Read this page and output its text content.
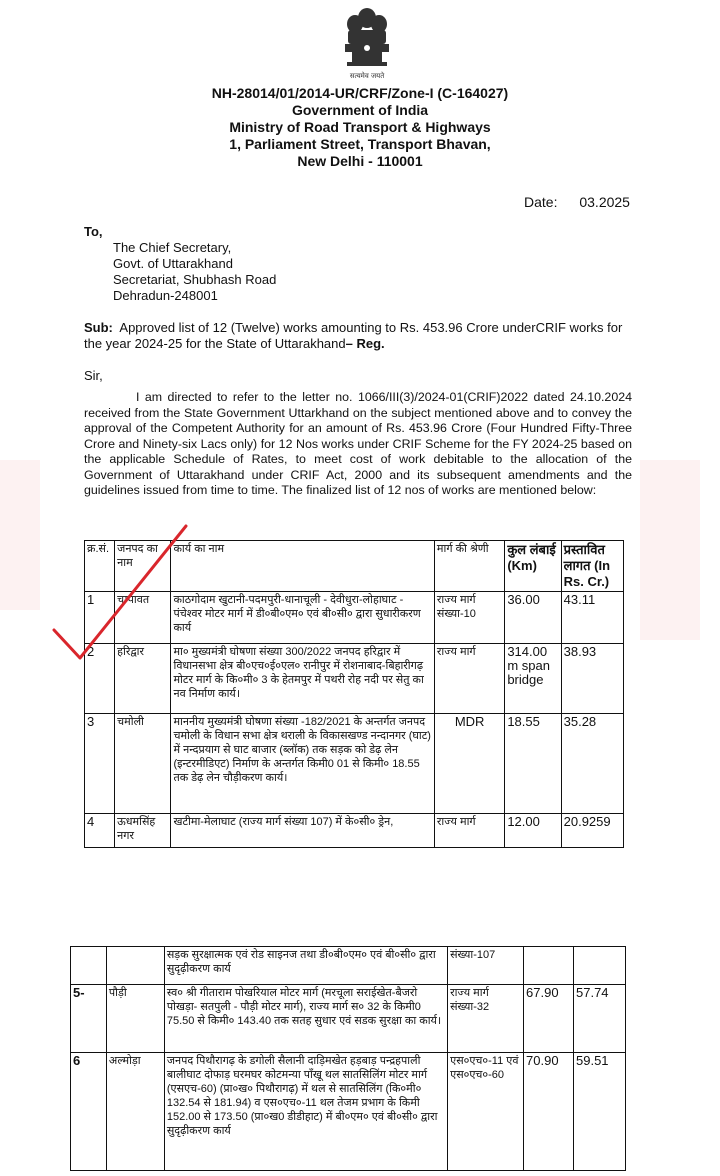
सत्यमेव जयते
NH-28014/01/2014-UR/CRF/Zone-I (C-164027)
Government of India
Ministry of Road Transport & Highways
1, Parliament Street, Transport Bhavan,
New Delhi - 110001
Date: 03.2025
To,
The Chief Secretary,
Govt. of Uttarakhand
Secretariat, Shubhash Road
Dehradun-248001
Sub: Approved list of 12 (Twelve) works amounting to Rs. 453.96 Crore underCRIF works for the year 2024-25 for the State of Uttarakhand– Reg.
Sir,
I am directed to refer to the letter no. 1066/III(3)/2024-01(CRIF)2022 dated 24.10.2024 received from the State Government Uttarkhand on the subject mentioned above and to convey the approval of the Competent Authority for an amount of Rs. 453.96 Crore (Four Hundred Fifty-Three Crore and Ninety-six Lacs only) for 12 Nos works under CRIF Scheme for the FY 2024-25 based on the applicable Schedule of Rates, to meet cost of work debitable to the allocation of the Government of Uttarakhand under CRIF Act, 2000 and its subsequent amendments and the guidelines issued from time to time. The finalized list of 12 nos of works are mentioned below:
क्र.सं.	जनपद का नाम	कार्य का नाम	मार्ग की श्रेणी	कुल लंबाई (Km)	प्रस्तावित लागत (In Rs. Cr.)
1	चम्पावत	काठगोदाम खुटानी-पदमपुरी-धानाचूली - देवीधुरा-लोहाघाट - पंचेश्वर मोटर मार्ग में डी०बी०एम० एवं बी०सी० द्वारा सुधारीकरण कार्य	राज्य मार्ग संख्या-10	36.00	43.11
2	हरिद्वार	मा० मुख्यमंत्री घोषणा संख्या 300/2022 जनपद हरिद्वार में विधानसभा क्षेत्र बी०एच०ई०एल० रानीपुर में रोशनाबाद-बिहारीगढ़ मोटर मार्ग के कि०मी० 3 के हेतमपुर में पथरी रोह नदी पर सेतु का नव निर्माण कार्य।	राज्य मार्ग	314.00 m span bridge	38.93
3	चमोली	माननीय मुख्यमंत्री घोषणा संख्या -182/2021 के अन्तर्गत जनपद चमोली के विधान सभा क्षेत्र थराली के विकासखण्ड नन्दानगर (घाट) में नन्दप्रयाग से घाट बाजार (ब्लॉक) तक सड़क को डेढ़ लेन (इन्टरमीडिएट) निर्माण के अन्तर्गत किमी0 01 से किमी० 18.55 तक डेढ़ लेन चौड़ीकरण कार्य।	MDR	18.55	35.28
4	ऊधमसिंह नगर	खटीमा-मेलाघाट (राज्य मार्ग संख्या 107) में के०सी० ड्रेन,	राज्य मार्ग	12.00	20.9259
		सड़क सुरक्षात्मक एवं रोड साइनज तथा डी०बी०एम० एवं बी०सी० द्वारा सुदृढ़ीकरण कार्य	संख्या-107		
5-	पौड़ी	स्व० श्री गीताराम पोखरियाल मोटर मार्ग (मरचूला सराईखेत-बैजरो पोखड़ा- सतपुली - पौड़ी मोटर मार्ग), राज्य मार्ग स० 32 के किमी0 75.50 से किमी० 143.40 तक सतह सुधार एवं सडक सुरक्षा का कार्य।	राज्य मार्ग संख्या-32	67.90	57.74
6	अल्मोड़ा	जनपद पिथौरागढ़ के डगोली सैलानी दाड़िमखेत हड़बाड़ पन्द्रहपाली बालीघाट दोफाड़ घरमघर कोटमन्या पाँखू थल सातसिलिंग मोटर मार्ग (एसएच-60) (प्रा०ख० पिथौरागढ़) में थल से सातसिलिंग (कि०मी० 132.54 से 181.94) व एस०एच०-11 थल तेजम प्रभाग के किमी 152.00 से 173.50 (प्रा०ख0 डीडीहाट) में बी०एम० एवं बी०सी० द्वारा सुदृढ़ीकरण कार्य	एस०एच०-11 एवं एस०एच०-60	70.90	59.51
